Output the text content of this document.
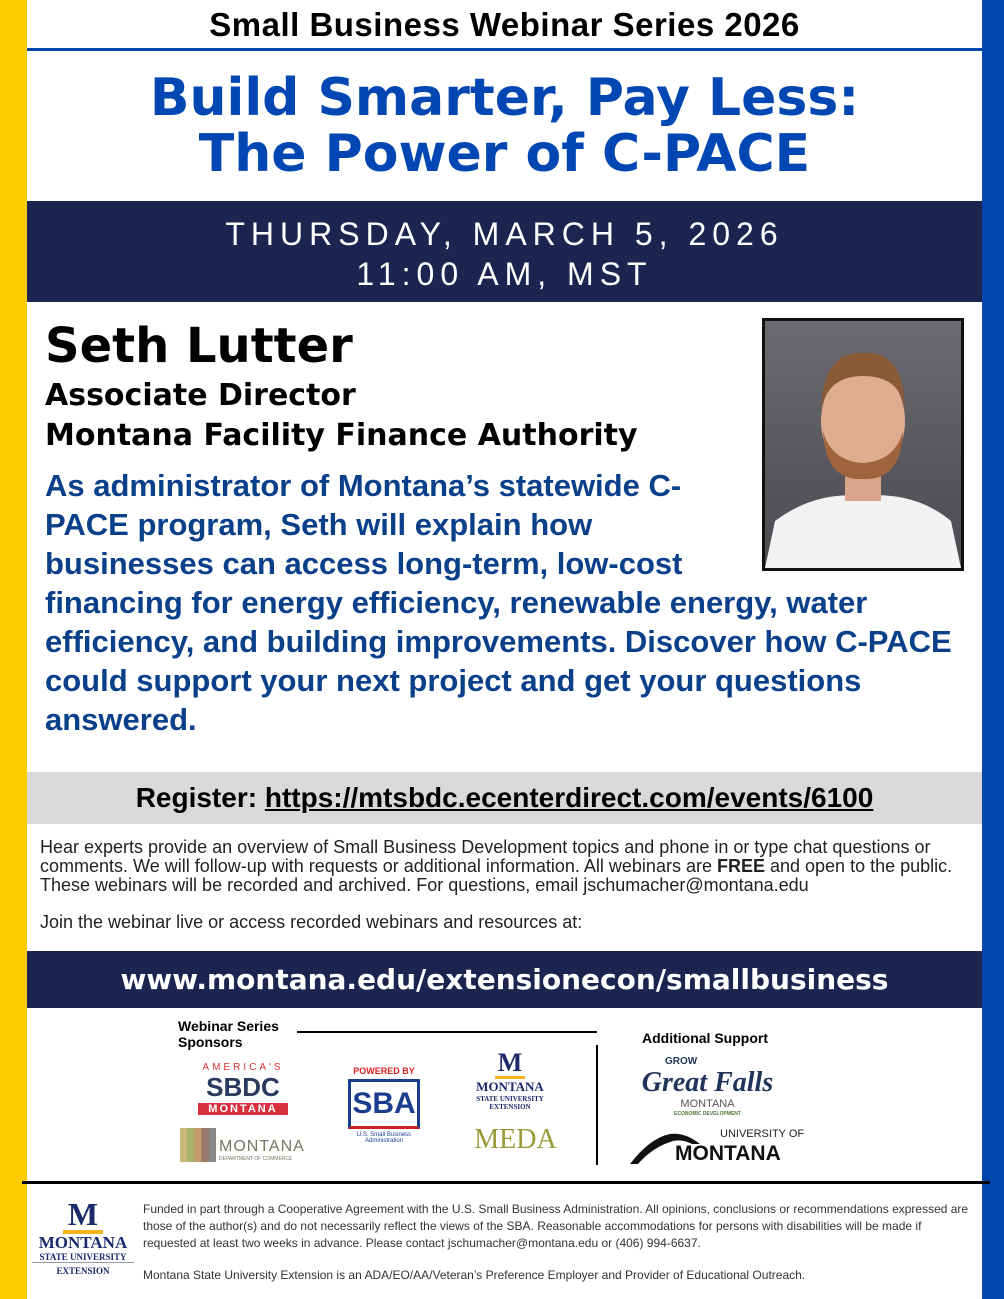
Small Business Webinar Series 2026
Build Smarter, Pay Less:
The Power of C-PACE
THURSDAY, MARCH 5, 2026
11:00 AM, MST
Seth Lutter
Associate Director
Montana Facility Finance Authority
As administrator of Montana’s statewide C-PACE program, Seth will explain how businesses can access long-term, low-cost financing for energy efficiency, renewable energy, water efficiency, and building improvements. Discover how C-PACE could support your next project and get your questions answered.
Register: https://mtsbdc.ecenterdirect.com/events/6100
Hear experts provide an overview of Small Business Development topics and phone in or type chat questions or comments. We will follow-up with requests or additional information. All webinars are FREE and open to the public. These webinars will be recorded and archived. For questions, email jschumacher@montana.edu
Join the webinar live or access recorded webinars and resources at:
www.montana.edu/extensionecon/smallbusiness
Webinar Series Sponsors	Additional Support
AMERICA'S
SBDC
MONTANA
MONTANA
DEPARTMENT OF COMMERCE
POWERED BY
SBA
U.S. Small Business Administration
M
MONTANA
STATE UNIVERSITY
EXTENSION
MEDA
GROW
Great Falls
MONTANA
ECONOMIC DEVELOPMENT
UNIVERSITY OF
MONTANA
M
MONTANA
STATE UNIVERSITY
EXTENSION
Funded in part through a Cooperative Agreement with the U.S. Small Business Administration. All opinions, conclusions or recommendations expressed are those of the author(s) and do not necessarily reflect the views of the SBA. Reasonable accommodations for persons with disabilities will be made if requested at least two weeks in advance. Please contact jschumacher@montana.edu or (406) 994-6637.
Montana State University Extension is an ADA/EO/AA/Veteran’s Preference Employer and Provider of Educational Outreach.
